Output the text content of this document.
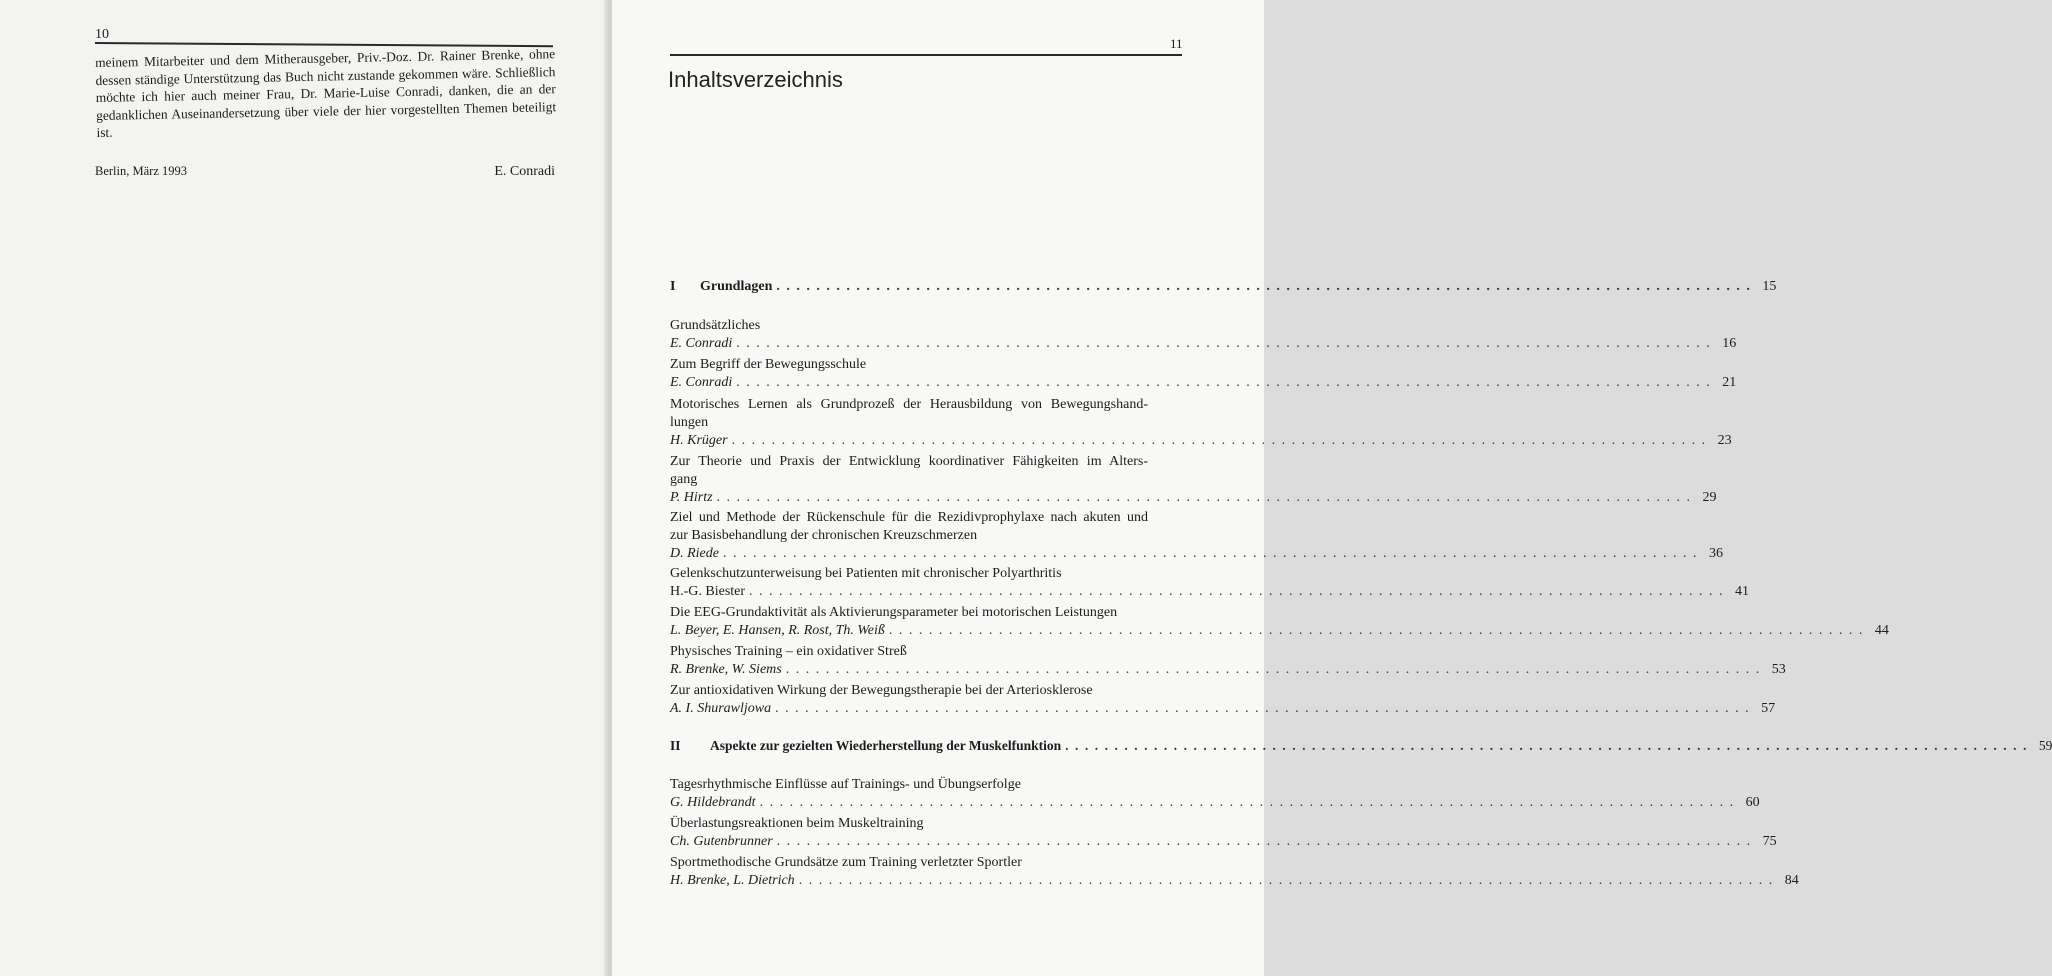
10
meinem Mitarbeiter und dem Mitherausgeber, Priv.-Doz. Dr. Rainer Brenke, ohne
dessen ständige Unterstützung das Buch nicht zustande gekommen wäre. Schließlich
möchte ich hier auch meiner Frau, Dr. Marie-Luise Conradi, danken, die an der
gedanklichen Auseinandersetzung über viele der hier vorgestellten Themen beteiligt
ist.
Berlin, März 1993	E. Conradi
11
Inhaltsverzeichnis
I Grundlagen .................................................................................................. 15
Grundsätzliches
E. Conradi .................................................................................................. 16
Zum Begriff der Bewegungsschule
E. Conradi .................................................................................................. 21
Motorisches Lernen als Grundprozeß der Herausbildung von Bewegungshand-
lungen
H. Krüger .................................................................................................. 23
Zur Theorie und Praxis der Entwicklung koordinativer Fähigkeiten im Alters-
gang
P. Hirtz .................................................................................................. 29
Ziel und Methode der Rückenschule für die Rezidivprophylaxe nach akuten und
zur Basisbehandlung der chronischen Kreuzschmerzen
D. Riede .................................................................................................. 36
Gelenkschutzunterweisung bei Patienten mit chronischer Polyarthritis
H.-G. Biester .................................................................................................. 41
Die EEG-Grundaktivität als Aktivierungsparameter bei motorischen Leistungen
L. Beyer, E. Hansen, R. Rost, Th. Weiß .................................................................................................. 44
Physisches Training – ein oxidativer Streß
R. Brenke, W. Siems .................................................................................................. 53
Zur antioxidativen Wirkung der Bewegungstherapie bei der Arteriosklerose
A. I. Shurawljowa .................................................................................................. 57
II Aspekte zur gezielten Wiederherstellung der Muskelfunktion .................................................................................................. 59
Tagesrhythmische Einflüsse auf Trainings- und Übungserfolge
G. Hildebrandt .................................................................................................. 60
Überlastungsreaktionen beim Muskeltraining
Ch. Gutenbrunner .................................................................................................. 75
Sportmethodische Grundsätze zum Training verletzter Sportler
H. Brenke, L. Dietrich .................................................................................................. 84
